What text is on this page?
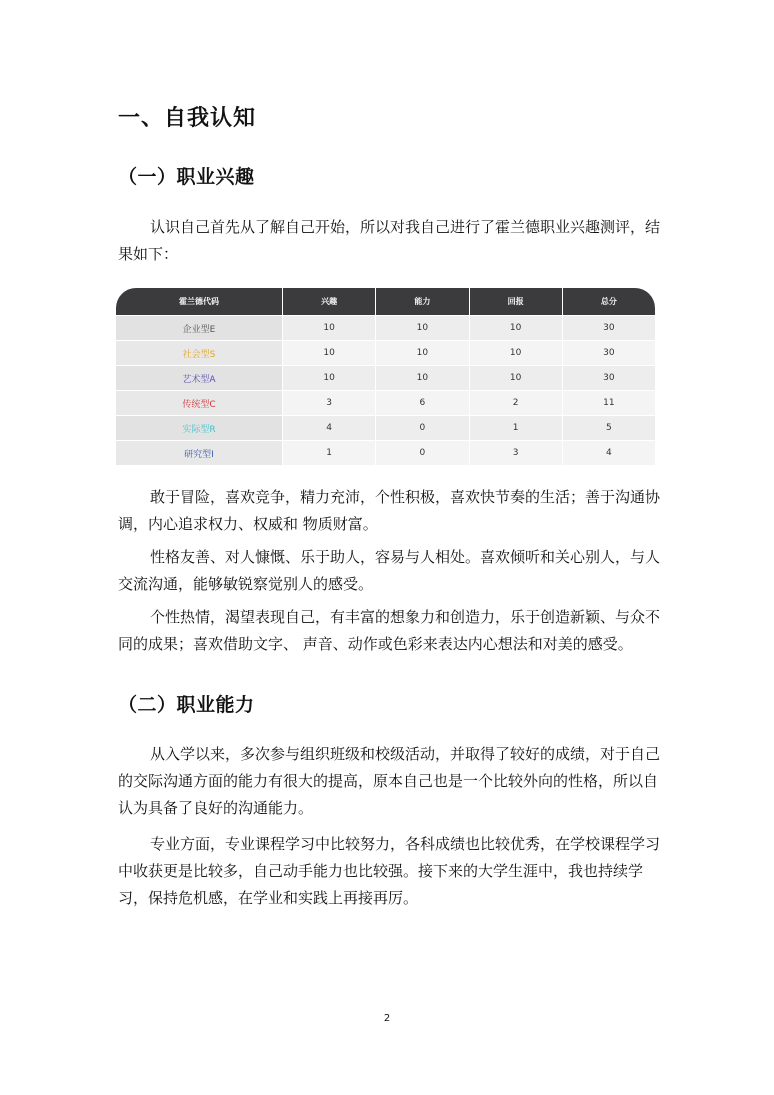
一、自我认知
（一）职业兴趣

认识自己首先从了解自己开始，所以对我自己进行了霍兰德职业兴趣测评，结果如下：

霍兰德代码	兴趣	能力	回报	总分
企业型E	10	10	10	30
社会型S	10	10	10	30
艺术型A	10	10	10	30
传统型C	3	6	2	11
实际型R	4	0	1	5
研究型I	1	0	3	4

敢于冒险，喜欢竞争，精力充沛，个性积极，喜欢快节奏的生活；善于沟通协调，内心追求权力、权威和 物质财富。

性格友善、对人慷慨、乐于助人，容易与人相处。喜欢倾听和关心别人，与人交流沟通，能够敏锐察觉别人的感受。

个性热情，渴望表现自己，有丰富的想象力和创造力，乐于创造新颖、与众不同的成果；喜欢借助文字、 声音、动作或色彩来表达内心想法和对美的感受。

（二）职业能力

从入学以来，多次参与组织班级和校级活动，并取得了较好的成绩，对于自己的交际沟通方面的能力有很大的提高，原本自己也是一个比较外向的性格，所以自认为具备了良好的沟通能力。

专业方面，专业课程学习中比较努力，各科成绩也比较优秀，在学校课程学习中收获更是比较多，自己动手能力也比较强。接下来的大学生涯中，我也持续学习，保持危机感，在学业和实践上再接再厉。

2
